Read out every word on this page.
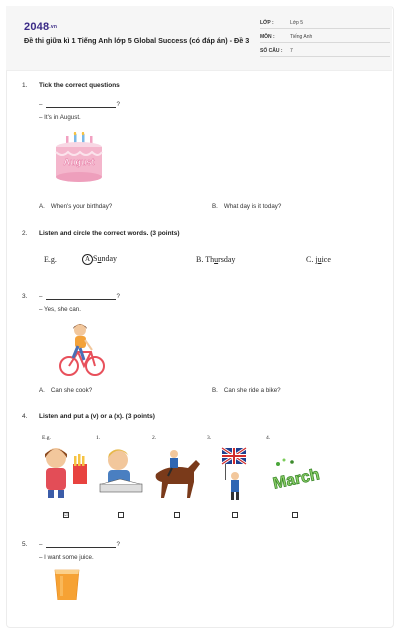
2048.vn
Đề thi giữa kì 1 Tiếng Anh lớp 5 Global Success (có đáp án) - Đề 3
LỚP :	Lớp 5
MÔN :	Tiếng Anh
SỐ CÂU : 7
1. Tick the correct questions
–	?
– It's in August.
August
A. When's your birthday?	B. What day is it today?
2. Listen and circle the correct words. (3 points)
E.g.	A Sunday	B. Thursday	C. juice
3. –	?
– Yes, she can.
A. Can she cook?	B. Can she ride a bike?
4. Listen and put a (v) or a (x). (3 points)
E.g.	1.	2.	3.	4.
March
☑
5. –	?
– I want some juice.
